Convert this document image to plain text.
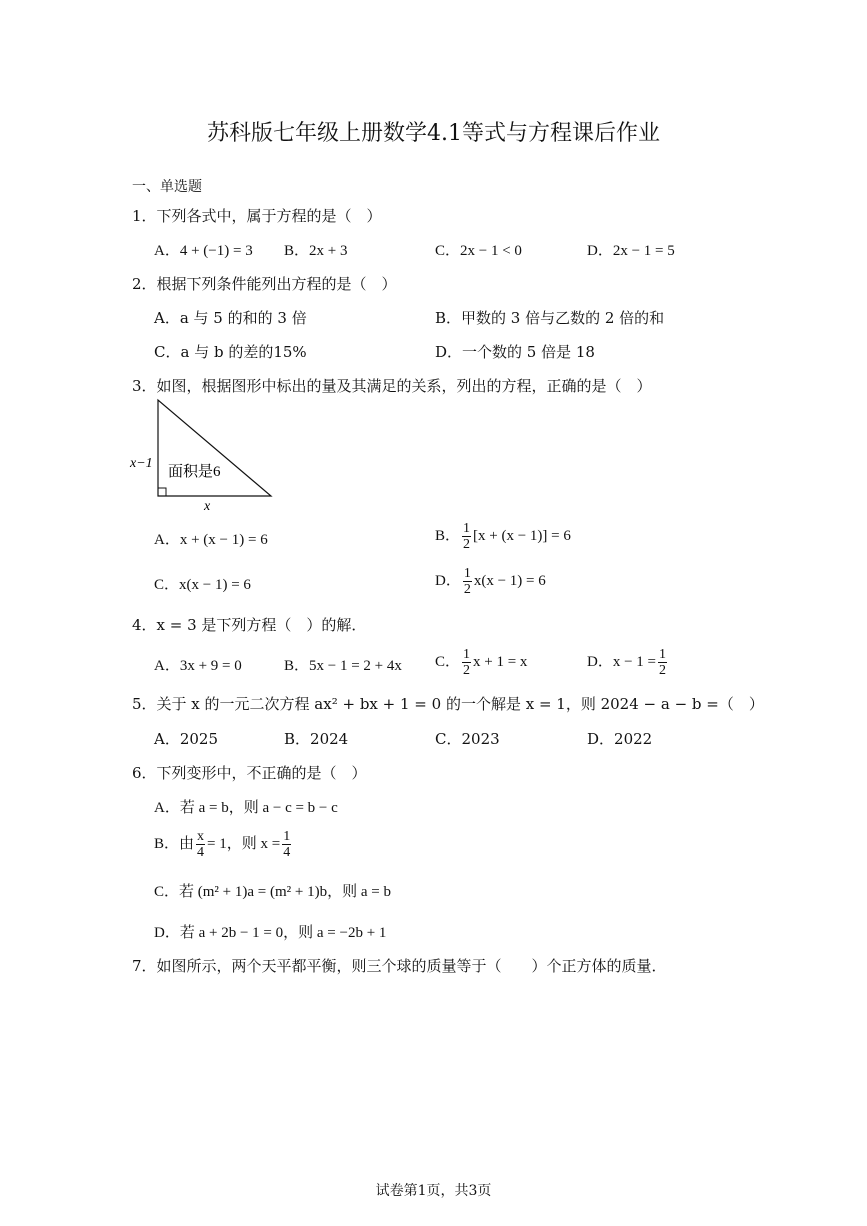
苏科版七年级上册数学4.1等式与方程课后作业
一、单选题
1．下列各式中，属于方程的是（　）
A．4 + (−1) = 3 B．2x + 3	C．2x − 1 < 0	D．2x − 1 = 5
2．根据下列条件能列出方程的是（　）
A．a 与 5 的和的 3 倍	B．甲数的 3 倍与乙数的 2 倍的和
C．a 与 b 的差的15%	D．一个数的 5 倍是 18
3．如图，根据图形中标出的量及其满足的关系，列出的方程，正确的是（　）
x−1
面积是6
x
A．x + (x − 1) = 6	B． $\frac{1}{2} [x + (x - 1)] = 6$
C．x(x − 1) = 6	D． $\frac{1}{2} x(x - 1) = 6$
4．x = 3 是下列方程（　）的解．
A．3x + 9 = 0	B．5x − 1 = 2 + 4x C． $\frac{1}{2}$ x + 1 = x	D．$x - 1 = \frac{1}{2}$
5．关于 x 的一元二次方程 ax² + bx + 1 = 0 的一个解是 x = 1，则 2024 − a − b =（　）
A．2025	B．2024	C．2023	D．2022
6．下列变形中，不正确的是（　）
A．若 a = b，则 a − c = b − c
B．由 $\frac{x}{4} = 1$，则 $x = \frac{1}{4}$
C．若 (m² + 1)a = (m² + 1)b，则 a = b
D．若 a + 2b − 1 = 0，则 a = −2b + 1
7．如图所示，两个天平都平衡，则三个球的质量等于（　　）个正方体的质量．
试卷第1页，共3页
